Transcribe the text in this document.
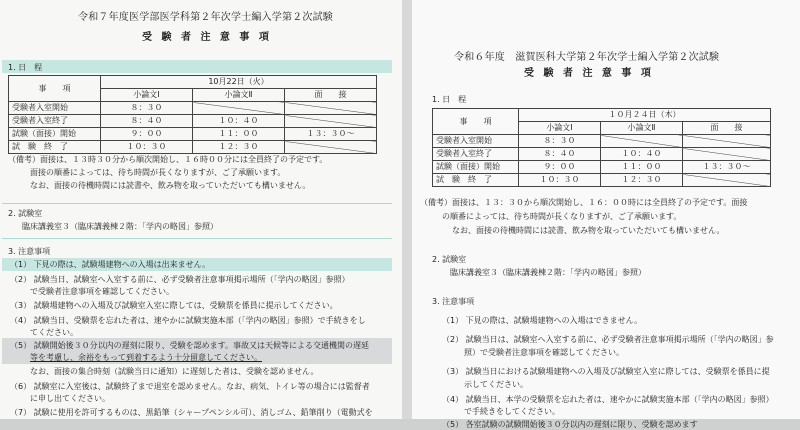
令和７年度医学部医学科第２年次学士編入学第２次試験
受 験 者 注 意 事 項
1. 日　程
事　　項	10月22日（火）		
	小論文Ⅰ	小論文Ⅱ	面　　接
受験者入室開始	８：３０		
受験者入室終了	８：４０	１０：４０	
試験（面接）開始	９：００	１１：００	１３：３０～
試　験　終　了	１０：３０	１２：３０	
（備考）面接は、１３時３０分から順次開始し、１６時００分には全員終了の予定です。
面接の順番によっては、待ち時間が長くなりますが、ご了承願います。
なお、面接の待機時間には読書や、飲み物を取っていただいても構いません。
2. 試験室
臨床講義室３（臨床講義棟２階：「学内の略図」参照）
3. 注意事項
（1） 下見の際は、試験場建物への入場は出来ません。
（2） 試験当日、試験室へ入室する前に、必ず受験者注意事項掲示場所（「学内の略図」参照）
で受験者注意事項を確認してください。
（3） 試験場建物への入場及び試験室入室に際しては、受験票を係員に提示してください。
（4） 試験当日、受験票を忘れた者は、速やかに試験実施本部（「学内の略図」参照）で手続きをし
てください。
（5） 試験開始後３０分以内の遅刻に限り、受験を認めます。事故又は天候等による交通機関の遅延
等を考慮し、余裕をもって到着するよう十分留意してください。
なお、面接の集合時刻（試験当日に通知）に遅刻した者は、受験を認めません。
（6） 試験室に入室後は、試験終了まで退室を認めません。なお、病気、トイレ等の場合には監督者
に申し出てください。
（7） 試験に使用を許可するものは、黒鉛筆（シャープペンシル可）、消しゴム、鉛筆削り（電動式を
令和６年度　滋賀医科大学第２年次学士編入学第２次試験
受 験 者 注 意 事 項
1. 日　程
事　　項	１０月２４日（木）		
	小論文Ⅰ	小論文Ⅱ	面　　接
受験者入室開始	８：３０		
受験者入室終了	８：４０	１０：４０	
試験（面接）開始	９：００	１１：００	１３：３０～
試　験　終　了	１０：３０	１２：３０	
（備考）面接は、１３：３０から順次開始し、１６：００時には全員終了の予定です。面接
の順番によっては、待ち時間が長くなりますが、ご了承願います。
なお、面接の待機時間には読書、飲み物を取っていただいても構いません。
2. 試験室
臨床講義室３（臨床講義棟２階：「学内の略図」参照）
3. 注意事項
（1） 下見の際は、試験場建物への入場はできません。
（2） 試験当日は、試験室へ入室する前に、必ず受験者注意事項掲示場所（「学内の略図」参
照）で受験者注意事項を確認してください。
（3） 試験当日における試験場建物への入場及び試験室入室に際しては、受験票を係員に提
示してください。
（4） 試験当日、本学の受験票を忘れた者は、速やかに試験実施本部（「学内の略図」参照）
で手続きをしてください。
（5） 各室試験の試験開始後３０分以内の遅刻に限り、受験を認めます
